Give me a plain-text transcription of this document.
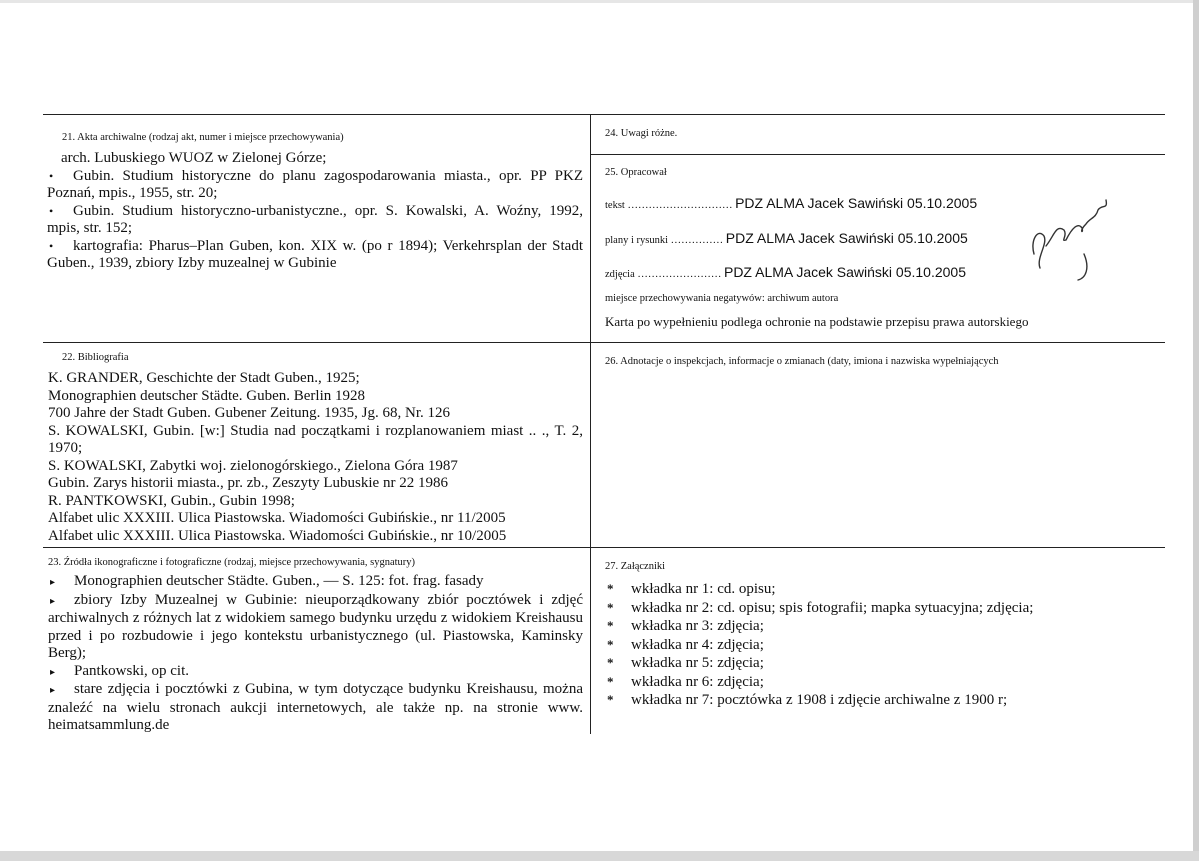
21. Akta archiwalne (rodzaj akt, numer i miejsce przechowywania)
arch. Lubuskiego WUOZ w Zielonej Górze;
• Gubin. Studium historyczne do planu zagospodarowania miasta., opr. PP PKZ Poznań, mpis., 1955, str. 20;
• Gubin. Studium historyczno-urbanistyczne., opr. S. Kowalski, A. Woźny, 1992, mpis, str. 152;
• kartografia: Pharus–Plan Guben, kon. XIX w. (po r 1894); Verkehrsplan der Stadt Guben., 1939, zbiory Izby muzealnej w Gubinie
24. Uwagi różne.
25. Opracował
tekst ………………………… PDZ ALMA Jacek Sawiński 05.10.2005
plany i rysunki …………… PDZ ALMA Jacek Sawiński 05.10.2005
zdjęcia …………………… PDZ ALMA Jacek Sawiński 05.10.2005
miejsce przechowywania negatywów: archiwum autora
Karta po wypełnieniu podlega ochronie na podstawie przepisu prawa autorskiego
22. Bibliografia
K. GRANDER, Geschichte der Stadt Guben., 1925;
Monographien deutscher Städte. Guben. Berlin 1928
700 Jahre der Stadt Guben. Gubener Zeitung. 1935, Jg. 68, Nr. 126
S. KOWALSKI, Gubin. [w:] Studia nad początkami i rozplanowaniem miast .. ., T. 2, 1970;
S. KOWALSKI, Zabytki woj. zielonogórskiego., Zielona Góra 1987
Gubin. Zarys historii miasta., pr. zb., Zeszyty Lubuskie nr 22 1986
R. PANTKOWSKI, Gubin., Gubin 1998;
Alfabet ulic XXXIII. Ulica Piastowska. Wiadomości Gubińskie., nr 11/2005
Alfabet ulic XXXIII. Ulica Piastowska. Wiadomości Gubińskie., nr 10/2005
26. Adnotacje o inspekcjach, informacje o zmianach (daty, imiona i nazwiska wypełniających
23. Źródła ikonograficzne i fotograficzne (rodzaj, miejsce przechowywania, sygnatury)
▸ Monographien deutscher Städte. Guben., — S. 125: fot. frag. fasady
▸ zbiory Izby Muzealnej w Gubinie: nieuporządkowany zbiór pocztówek i zdjęć archiwalnych z różnych lat z widokiem samego budynku urzędu z widokiem Kreishausu przed i po rozbudowie i jego kontekstu urbanistycznego (ul. Piastowska, Kaminsky Berg);
▸ Pantkowski, op cit.
▸ stare zdjęcia i pocztówki z Gubina, w tym dotyczące budynku Kreishausu, można znaleźć na wielu stronach aukcji internetowych, ale także np. na stronie www. heimatsammlung.de
27. Załączniki
* wkładka nr 1: cd. opisu;
* wkładka nr 2: cd. opisu; spis fotografii; mapka sytuacyjna; zdjęcia;
* wkładka nr 3: zdjęcia;
* wkładka nr 4: zdjęcia;
* wkładka nr 5: zdjęcia;
* wkładka nr 6: zdjęcia;
* wkładka nr 7: pocztówka z 1908 i zdjęcie archiwalne z 1900 r;
